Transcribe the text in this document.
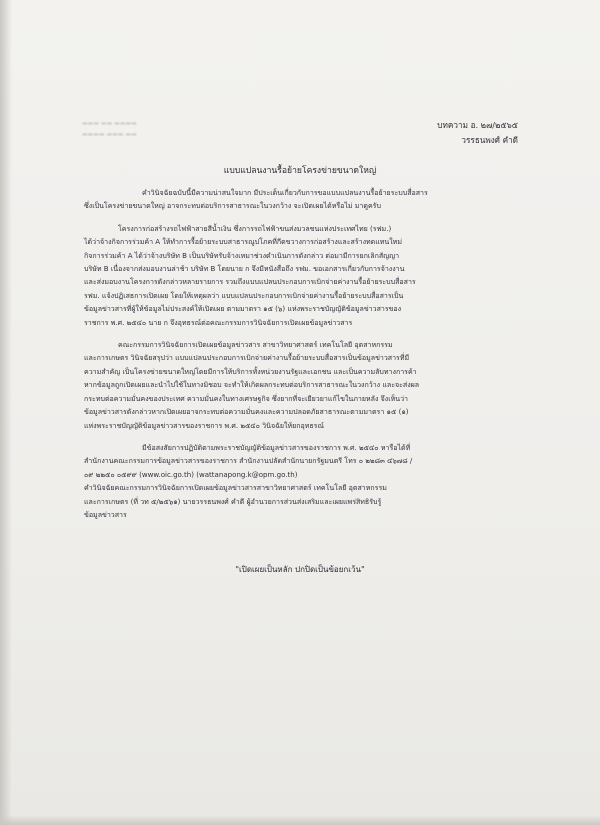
▬▬▬ ▬▬ ▬▬▬▬
▬▬▬▬ ▬▬▬ ▬▬
บทความ อ. ๒๗/๒๕๖๕
วรรธนพงศ์ คำดี
แบบแปลนงานรื้อย้ายโครงข่ายขนาดใหญ่
คำวินิจฉัยฉบับนี้มีความน่าสนใจมาก มีประเด็นเกี่ยวกับการขอแบบแปลนงานรื้อย้ายระบบสื่อสาร
ซึ่งเป็นโครงข่ายขนาดใหญ่ อาจกระทบต่อบริการสาธารณะในวงกว้าง จะเปิดเผยได้หรือไม่ มาดูครับ
โครงการก่อสร้างรถไฟฟ้าสายสีน้ำเงิน ซึ่งการรถไฟฟ้าขนส่งมวลชนแห่งประเทศไทย (รฟม.)
ได้ว่าจ้างกิจการร่วมค้า A ให้ทำการรื้อย้ายระบบสาธารณูปโภคที่กีดขวางการก่อสร้างและสร้างทดแทนใหม่
กิจการร่วมค้า A ได้ว่าจ้างบริษัท B เป็นบริษัทรับจ้างเหมาช่วงดำเนินการดังกล่าว ต่อมามีการยกเลิกสัญญา
บริษัท B เนื่องจากส่งมอบงานล่าช้า บริษัท B โดยนาย ก จึงมีหนังสือถึง รฟม. ขอเอกสารเกี่ยวกับการจ้างงาน
และส่งมอบงานโครงการดังกล่าวหลายรายการ รวมถึงแบบแปลนประกอบการเบิกจ่ายค่างานรื้อย้ายระบบสื่อสาร
รฟม. แจ้งปฏิเสธการเปิดเผย โดยให้เหตุผลว่า แบบแปลนประกอบการเบิกจ่ายค่างานรื้อย้ายระบบสื่อสารเป็น
ข้อมูลข่าวสารที่ผู้ให้ข้อมูลไม่ประสงค์ให้เปิดเผย ตามมาตรา ๑๕ (๖) แห่งพระราชบัญญัติข้อมูลข่าวสารของ
ราชการ พ.ศ. ๒๕๔๐ นาย ก จึงอุทธรณ์ต่อคณะกรรมการวินิจฉัยการเปิดเผยข้อมูลข่าวสาร
คณะกรรมการวินิจฉัยการเปิดเผยข้อมูลข่าวสาร สาขาวิทยาศาสตร์ เทคโนโลยี อุตสาหกรรม
และการเกษตร วินิจฉัยสรุปว่า แบบแปลนประกอบการเบิกจ่ายค่างานรื้อย้ายระบบสื่อสารเป็นข้อมูลข่าวสารที่มี
ความสำคัญ เป็นโครงข่ายขนาดใหญ่โดยมีการให้บริการทั้งหน่วยงานรัฐและเอกชน และเป็นความลับทางการค้า
หากข้อมูลถูกเปิดเผยและนำไปใช้ในทางมิชอบ จะทำให้เกิดผลกระทบต่อบริการสาธารณะในวงกว้าง และจะส่งผล
กระทบต่อความมั่นคงของประเทศ ความมั่นคงในทางเศรษฐกิจ ซึ่งยากที่จะเยียวยาแก้ไขในภายหลัง จึงเห็นว่า
ข้อมูลข่าวสารดังกล่าวหากเปิดเผยอาจกระทบต่อความมั่นคงและความปลอดภัยสาธารณะตามมาตรา ๑๕ (๑)
แห่งพระราชบัญญัติข้อมูลข่าวสารของราชการ พ.ศ. ๒๕๔๐ วินิจฉัยให้ยกอุทธรณ์
มีข้อสงสัยการปฏิบัติตามพระราชบัญญัติข้อมูลข่าวสารของราชการ พ.ศ. ๒๕๔๐ หารือได้ที่
สำนักงานคณะกรรมการข้อมูลข่าวสารของราชการ สำนักงานปลัดสำนักนายกรัฐมนตรี โทร ๐ ๒๒๘๓ ๔๖๗๘ /
๐๙ ๒๒๕๐ ๐๕๙๙ (www.oic.go.th) (wattanapong.k@opm.go.th)
คำวินิจฉัยคณะกรรมการวินิจฉัยการเปิดเผยข้อมูลข่าวสารสาขาวิทยาศาสตร์ เทคโนโลยี อุตสาหกรรม
และการเกษตร (ที่ วท ๕/๒๕๖๑) นายวรรธนพงศ์ คำดี ผู้อำนวยการส่วนส่งเสริมและเผยแพร่สิทธิรับรู้
ข้อมูลข่าวสาร
"เปิดเผยเป็นหลัก ปกปิดเป็นข้อยกเว้น"
